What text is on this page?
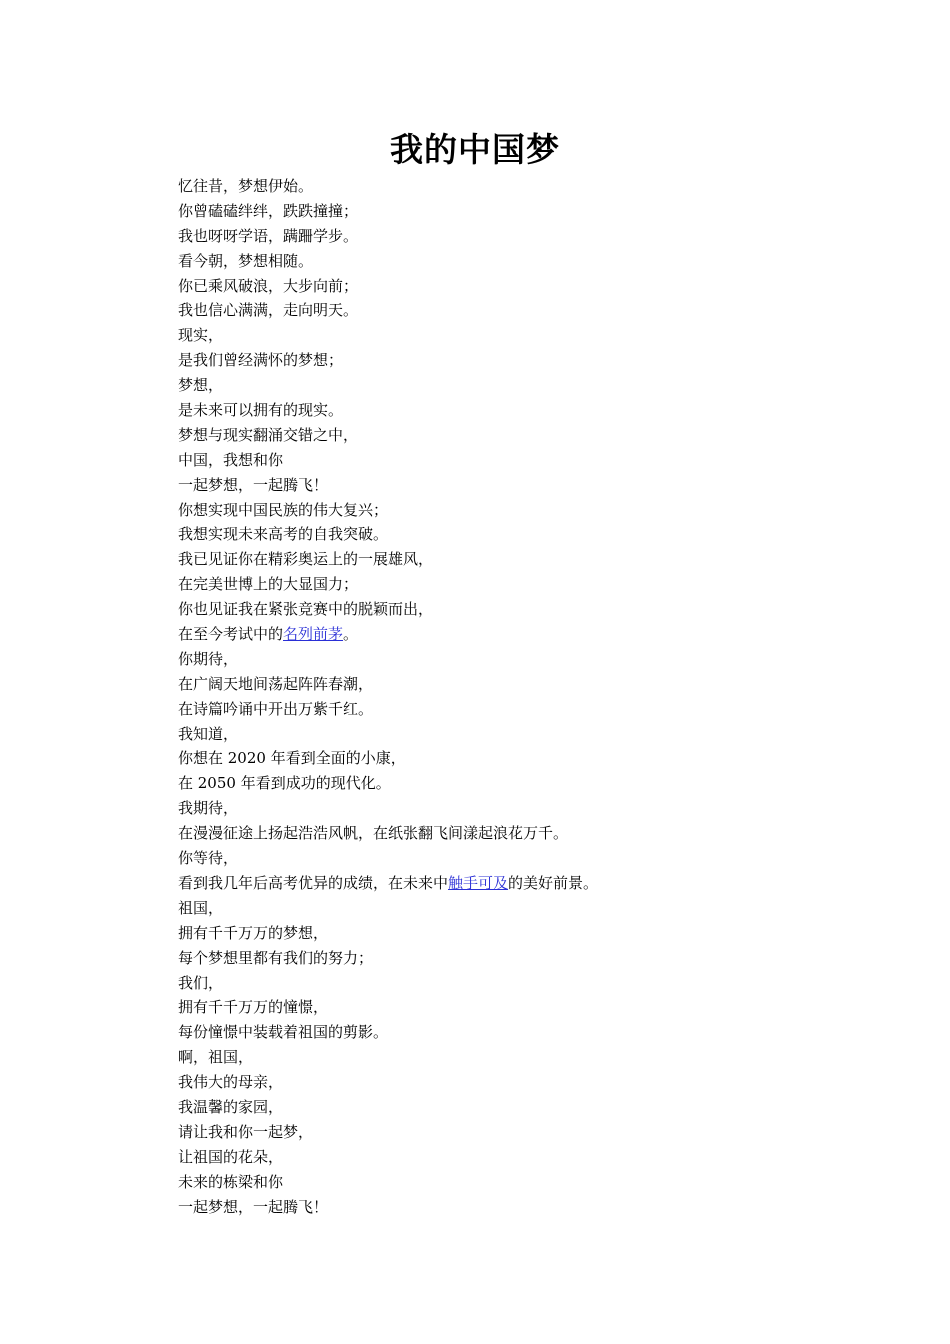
我的中国梦
忆往昔，梦想伊始。
你曾磕磕绊绊，跌跌撞撞；
我也呀呀学语，蹒跚学步。
看今朝，梦想相随。
你已乘风破浪，大步向前；
我也信心满满，走向明天。
现实，
是我们曾经满怀的梦想；
梦想，
是未来可以拥有的现实。
梦想与现实翻涌交错之中，
中国，我想和你
一起梦想，一起腾飞！
你想实现中国民族的伟大复兴；
我想实现未来高考的自我突破。
我已见证你在精彩奥运上的一展雄风，
在完美世博上的大显国力；
你也见证我在紧张竞赛中的脱颖而出，
在至今考试中的名列前茅。
你期待，
在广阔天地间荡起阵阵春潮，
在诗篇吟诵中开出万紫千红。
我知道，
你想在 2020 年看到全面的小康，
在 2050 年看到成功的现代化。
我期待，
在漫漫征途上扬起浩浩风帆，在纸张翻飞间漾起浪花万千。
你等待，
看到我几年后高考优异的成绩，在未来中触手可及的美好前景。
祖国，
拥有千千万万的梦想，
每个梦想里都有我们的努力；
我们，
拥有千千万万的憧憬，
每份憧憬中装载着祖国的剪影。
啊，祖国，
我伟大的母亲，
我温馨的家园，
请让我和你一起梦，
让祖国的花朵，
未来的栋梁和你
一起梦想，一起腾飞！
